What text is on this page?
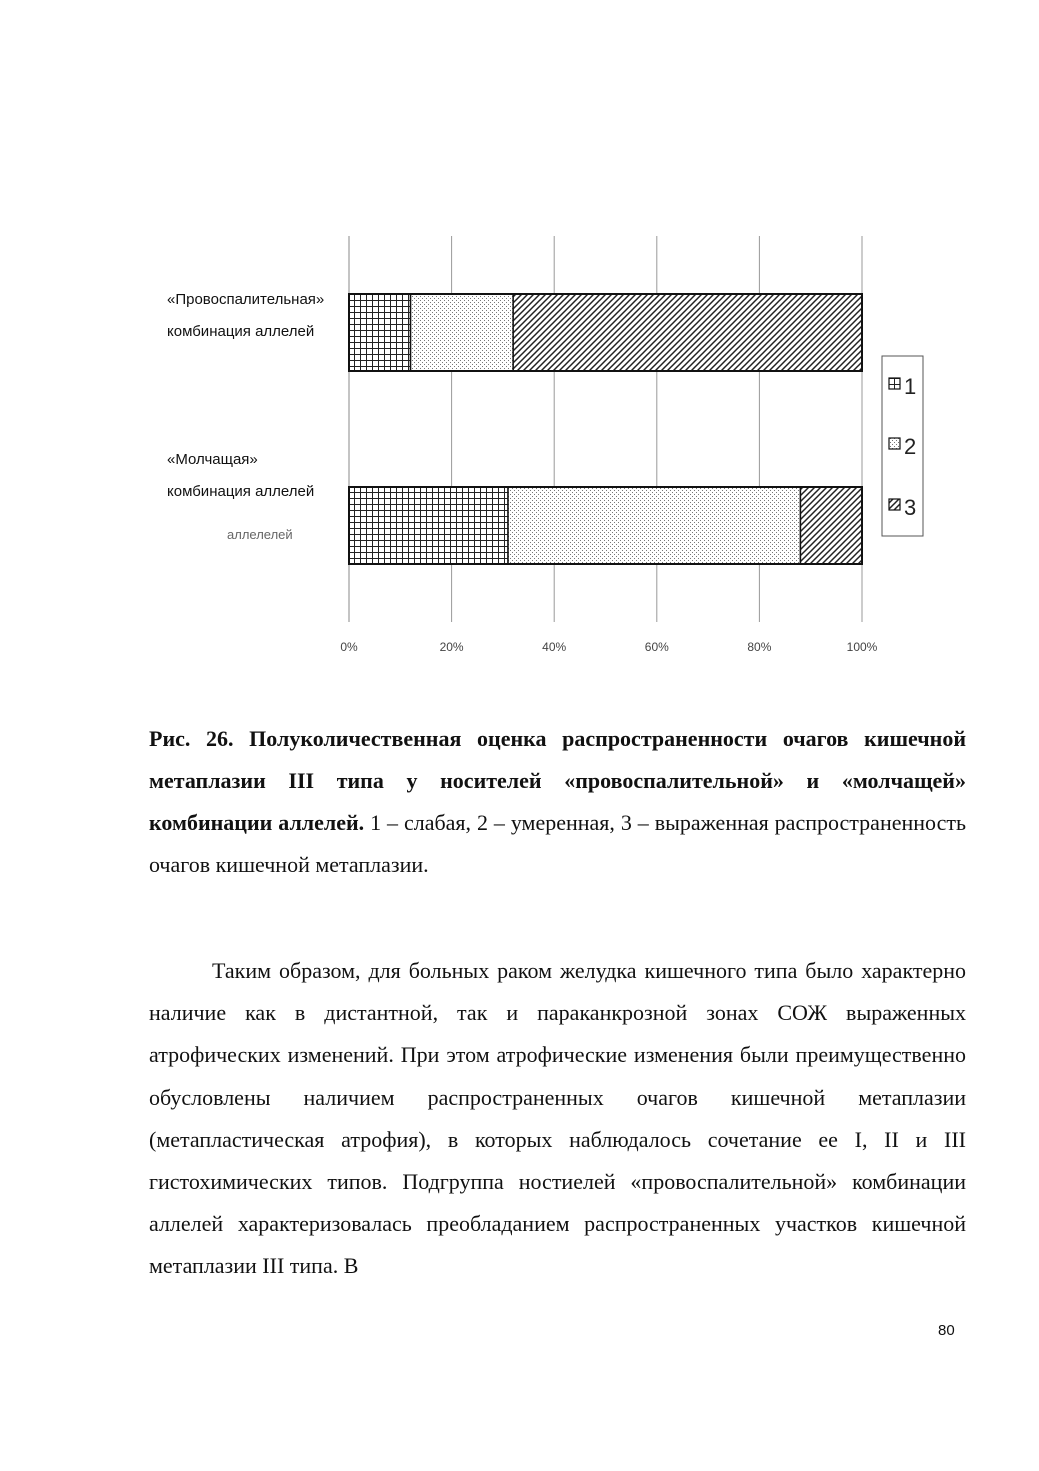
«Провоспалительная»
комбинация аллелей
«Молчащая»
комбинация аллелей
аллелелей
0%	20%	40%	60%	80%	100%
1
2
3
Рис. 26. Полуколичественная оценка распространенности очагов кишечной метаплазии III типа у носителей «провоспалительной» и «молчащей» комбинации аллелей. 1 – слабая, 2 – умеренная, 3 – выраженная распространенность очагов кишечной метаплазии.
Таким образом, для больных раком желудка кишечного типа было характерно наличие как в дистантной, так и параканкрозной зонах СОЖ выраженных атрофических изменений. При этом атрофические изменения были преимущественно обусловлены наличием распространенных очагов кишечной метаплазии (метапластическая атрофия), в которых наблюдалось сочетание ее I, II и III гистохимических типов. Подгруппа ностиелей «провоспалительной» комбинации аллелей характеризовалась преобладанием распространенных участков кишечной метаплазии III типа. В
80
